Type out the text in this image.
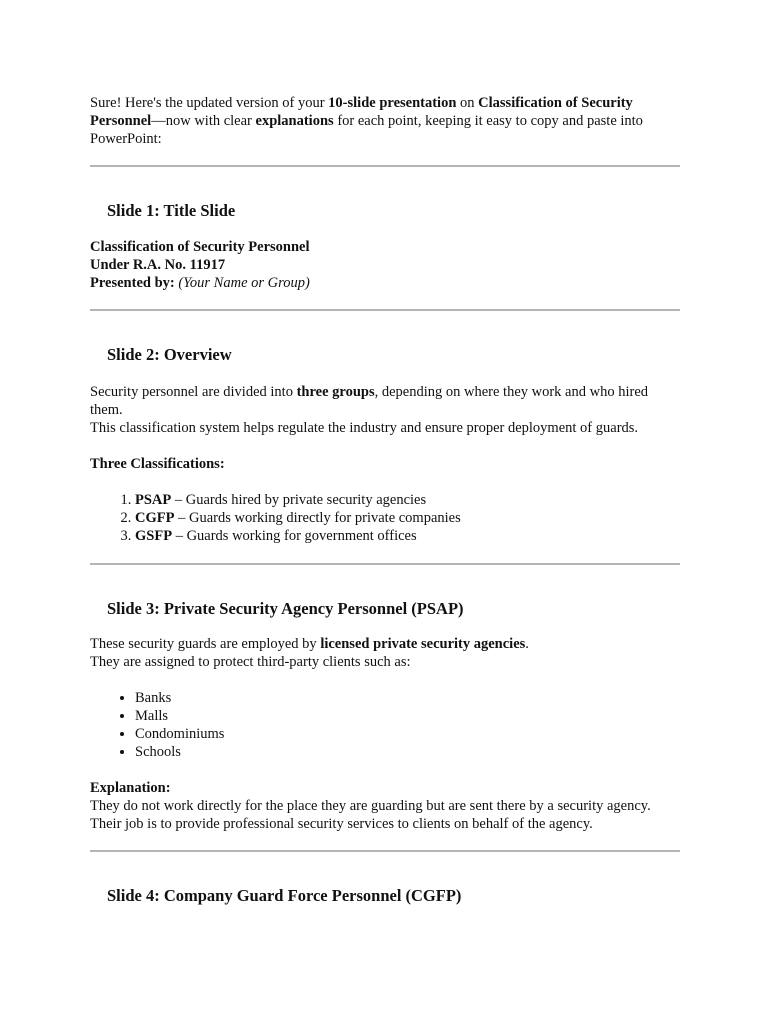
Sure! Here's the updated version of your 10-slide presentation on Classification of Security Personnel—now with clear explanations for each point, keeping it easy to copy and paste into PowerPoint:

Slide 1: Title Slide

Classification of Security Personnel

Under R.A. No. 11917

Presented by: (Your Name or Group)

Slide 2: Overview

Security personnel are divided into three groups, depending on where they work and who hired them.
This classification system helps regulate the industry and ensure proper deployment of guards.

Three Classifications:

1. PSAP – Guards hired by private security agencies
2. CGFP – Guards working directly for private companies
3. GSFP – Guards working for government offices
Slide 3: Private Security Agency Personnel (PSAP)

These security guards are employed by licensed private security agencies.
They are assigned to protect third-party clients such as:

• Banks
• Malls
• Condominiums
• Schools

Explanation:

They do not work directly for the place they are guarding but are sent there by a security agency. Their job is to provide professional security services to clients on behalf of the agency.

Slide 4: Company Guard Force Personnel (CGFP)
